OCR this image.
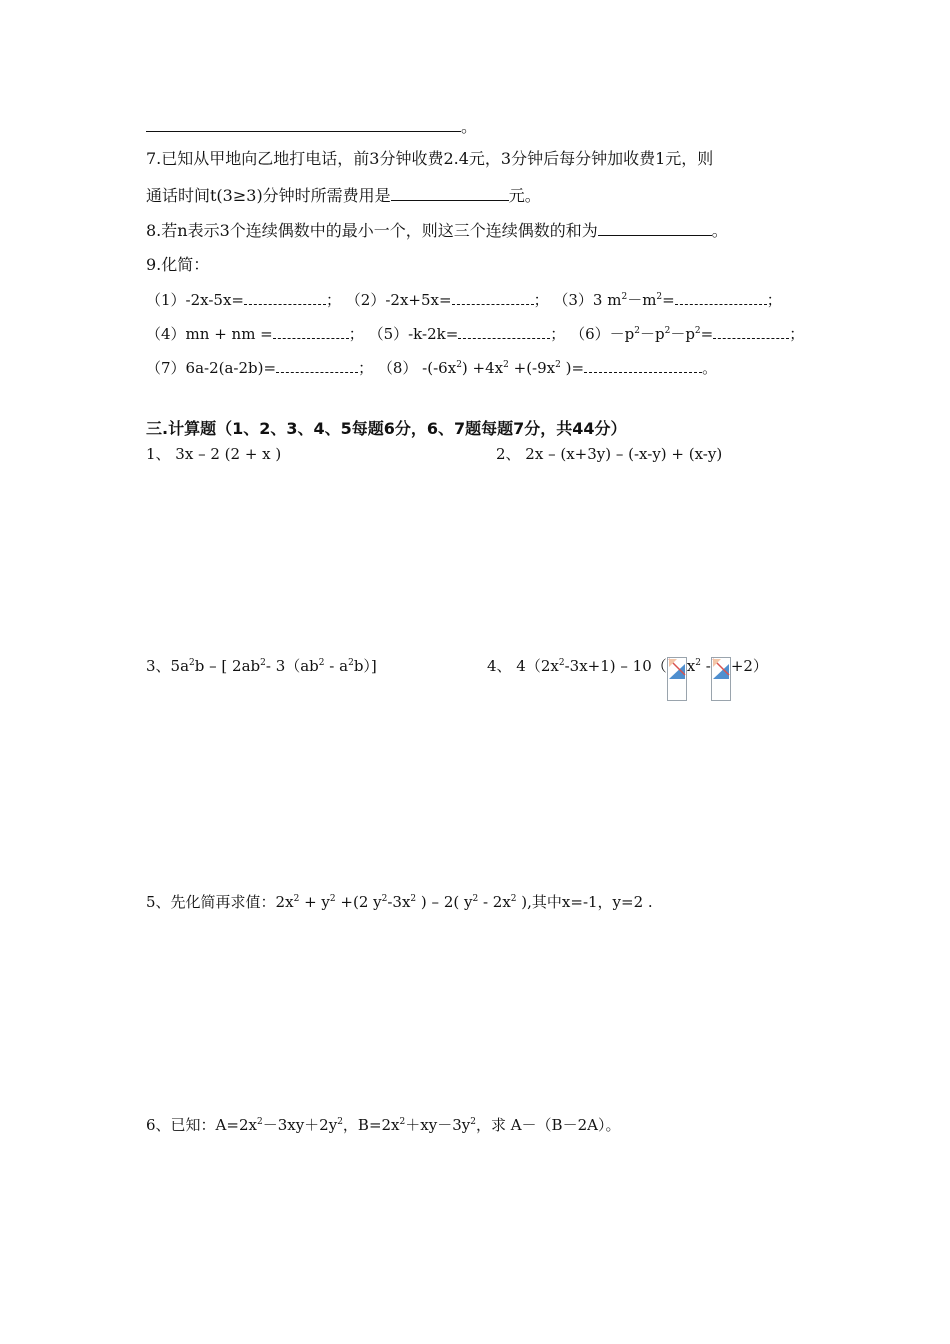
。
7.已知从甲地向乙地打电话，前3分钟收费2.4元，3分钟后每分钟加收费1元，则
通话时间t(3≥3)分钟时所需费用是	元。
8.若n表示3个连续偶数中的最小一个，则这三个连续偶数的和为	。
9.化简：
（1）-2x-5x=	； （2）-2x+5x=	； （3）3 $m^2-m^2=$	；
（4）mn + nm =	； （5）-k-2k=	； $(6)-p^2-p^2-p^2=$	；
（7）6a-2(a-2b)=	； （8） $-(-6x^2) +4x^2 +(-9x^2$ )=	。
三.计算题（1、2、3、4、5每题6分，6、7题每题7分，共44分）
1、 3x – 2 (2 + x )	2、 2x – (x+3y) – (-x-y) + (x-y)
3、$5a^2b$ – [ $2ab^2-$ $3(ab^2 - a^2b)$]	4、 $4(2x^2-3x+1) - 10$（ $x^2 - +2$）
5、先化简再求值：$2x^2 + y^2 +(2$ $y^2-3x^2$ ) – 2( $y^2 - 2x^2$ ),其中x=-1，y=2 .
6、已知：$A=2x^2-3xy+2y^2$，$B=2x^2+xy-3y^2$，求 A－（B－2A）。
